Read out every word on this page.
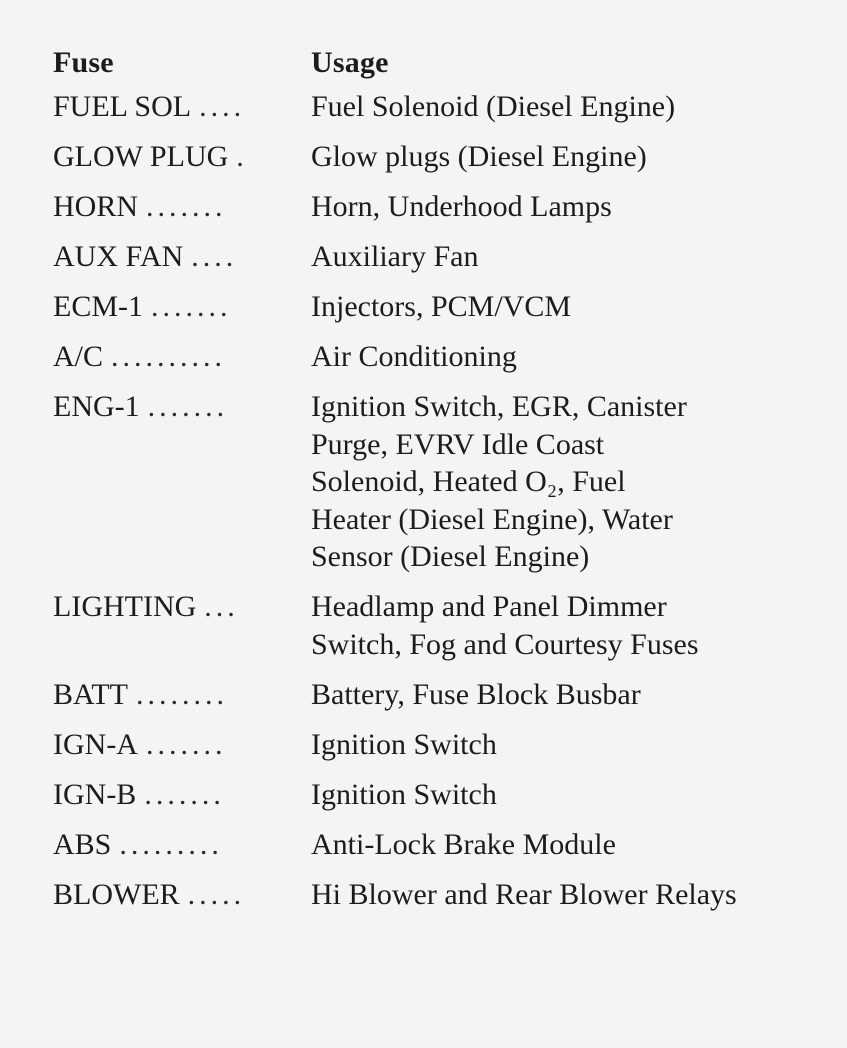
Fuse	Usage
FUEL SOL .... Fuel Solenoid (Diesel Engine)
GLOW PLUG . Glow plugs (Diesel Engine)
HORN .......	Horn, Underhood Lamps
AUX FAN .... Auxiliary Fan
ECM-1 .......	Injectors, PCM/VCM
A/C ..........	Air Conditioning
ENG-1 .......	Ignition Switch, EGR, Canister
Purge, EVRV Idle Coast
Solenoid, Heated O₂, Fuel
Heater (Diesel Engine), Water
Sensor (Diesel Engine)
LIGHTING ... Headlamp and Panel Dimmer
Switch, Fog and Courtesy Fuses
BATT ........	Battery, Fuse Block Busbar
IGN-A .......	Ignition Switch
IGN-B .......	Ignition Switch
ABS .........	Anti-Lock Brake Module
BLOWER ..... Hi Blower and Rear Blower Relays
